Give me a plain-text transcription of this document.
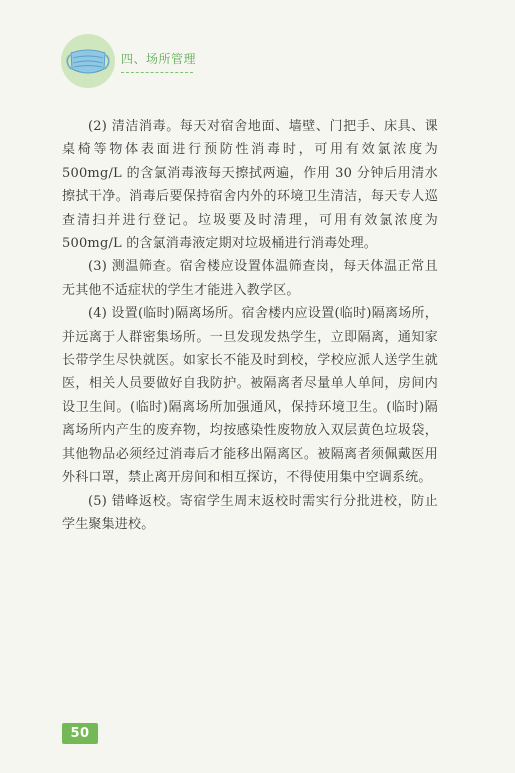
四、场所管理

(2) 清洁消毒。每天对宿舍地面、墙壁、门把手、床具、课桌椅等物体表面进行预防性消毒时，可用有效氯浓度为 500mg/L 的含氯消毒液每天擦拭两遍，作用 30 分钟后用清水擦拭干净。消毒后要保持宿舍内外的环境卫生清洁，每天专人巡查清扫并进行登记。垃圾要及时清理，可用有效氯浓度为 500mg/L 的含氯消毒液定期对垃圾桶进行消毒处理。

(3) 测温筛查。宿舍楼应设置体温筛查岗，每天体温正常且无其他不适症状的学生才能进入教学区。

(4) 设置(临时)隔离场所。宿舍楼内应设置(临时)隔离场所，并远离于人群密集场所。一旦发现发热学生，立即隔离，通知家长带学生尽快就医。如家长不能及时到校，学校应派人送学生就医，相关人员要做好自我防护。被隔离者尽量单人单间，房间内设卫生间。(临时)隔离场所加强通风，保持环境卫生。(临时)隔离场所内产生的废弃物，均按感染性废物放入双层黄色垃圾袋，其他物品必须经过消毒后才能移出隔离区。被隔离者须佩戴医用外科口罩，禁止离开房间和相互探访，不得使用集中空调系统。

(5) 错峰返校。寄宿学生周末返校时需实行分批进校，防止学生聚集进校。

50
